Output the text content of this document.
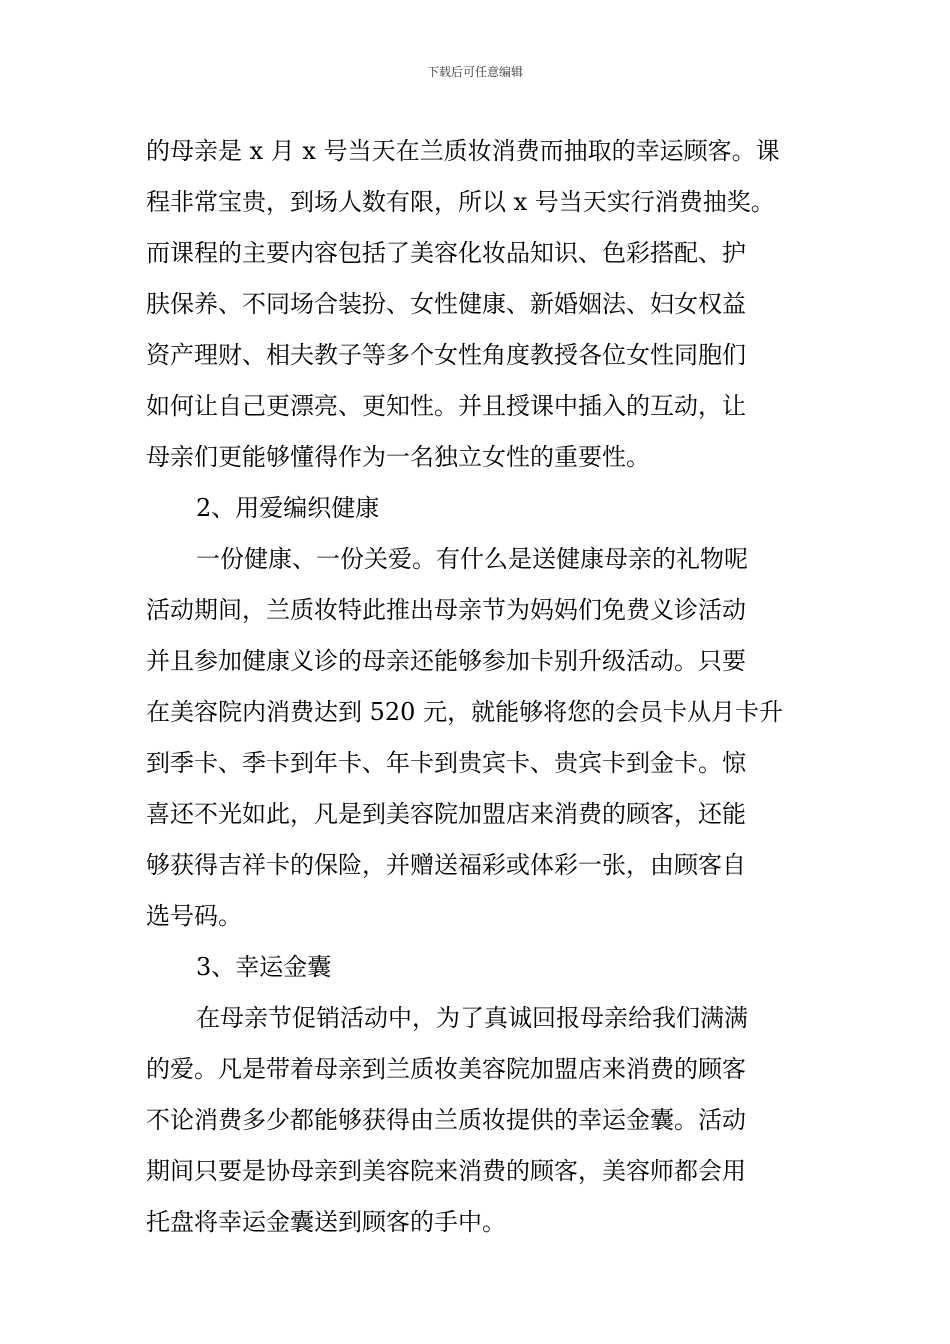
下载后可任意编辑
的母亲是 x 月 x 号当天在兰质妆消费而抽取的幸运顾客。课
程非常宝贵，到场人数有限，所以 x 号当天实行消费抽奖。
而课程的主要内容包括了美容化妆品知识、色彩搭配、护
肤保养、不同场合装扮、女性健康、新婚姻法、妇女权益
资产理财、相夫教子等多个女性角度教授各位女性同胞们
如何让自己更漂亮、更知性。并且授课中插入的互动，让
母亲们更能够懂得作为一名独立女性的重要性。
2、用爱编织健康
一份健康、一份关爱。有什么是送健康母亲的礼物呢
活动期间，兰质妆特此推出母亲节为妈妈们免费义诊活动
并且参加健康义诊的母亲还能够参加卡别升级活动。只要
在美容院内消费达到 520 元，就能够将您的会员卡从月卡升
到季卡、季卡到年卡、年卡到贵宾卡、贵宾卡到金卡。惊
喜还不光如此，凡是到美容院加盟店来消费的顾客，还能
够获得吉祥卡的保险，并赠送福彩或体彩一张，由顾客自
选号码。
3、幸运金囊
在母亲节促销活动中，为了真诚回报母亲给我们满满
的爱。凡是带着母亲到兰质妆美容院加盟店来消费的顾客
不论消费多少都能够获得由兰质妆提供的幸运金囊。活动
期间只要是协母亲到美容院来消费的顾客，美容师都会用
托盘将幸运金囊送到顾客的手中。
